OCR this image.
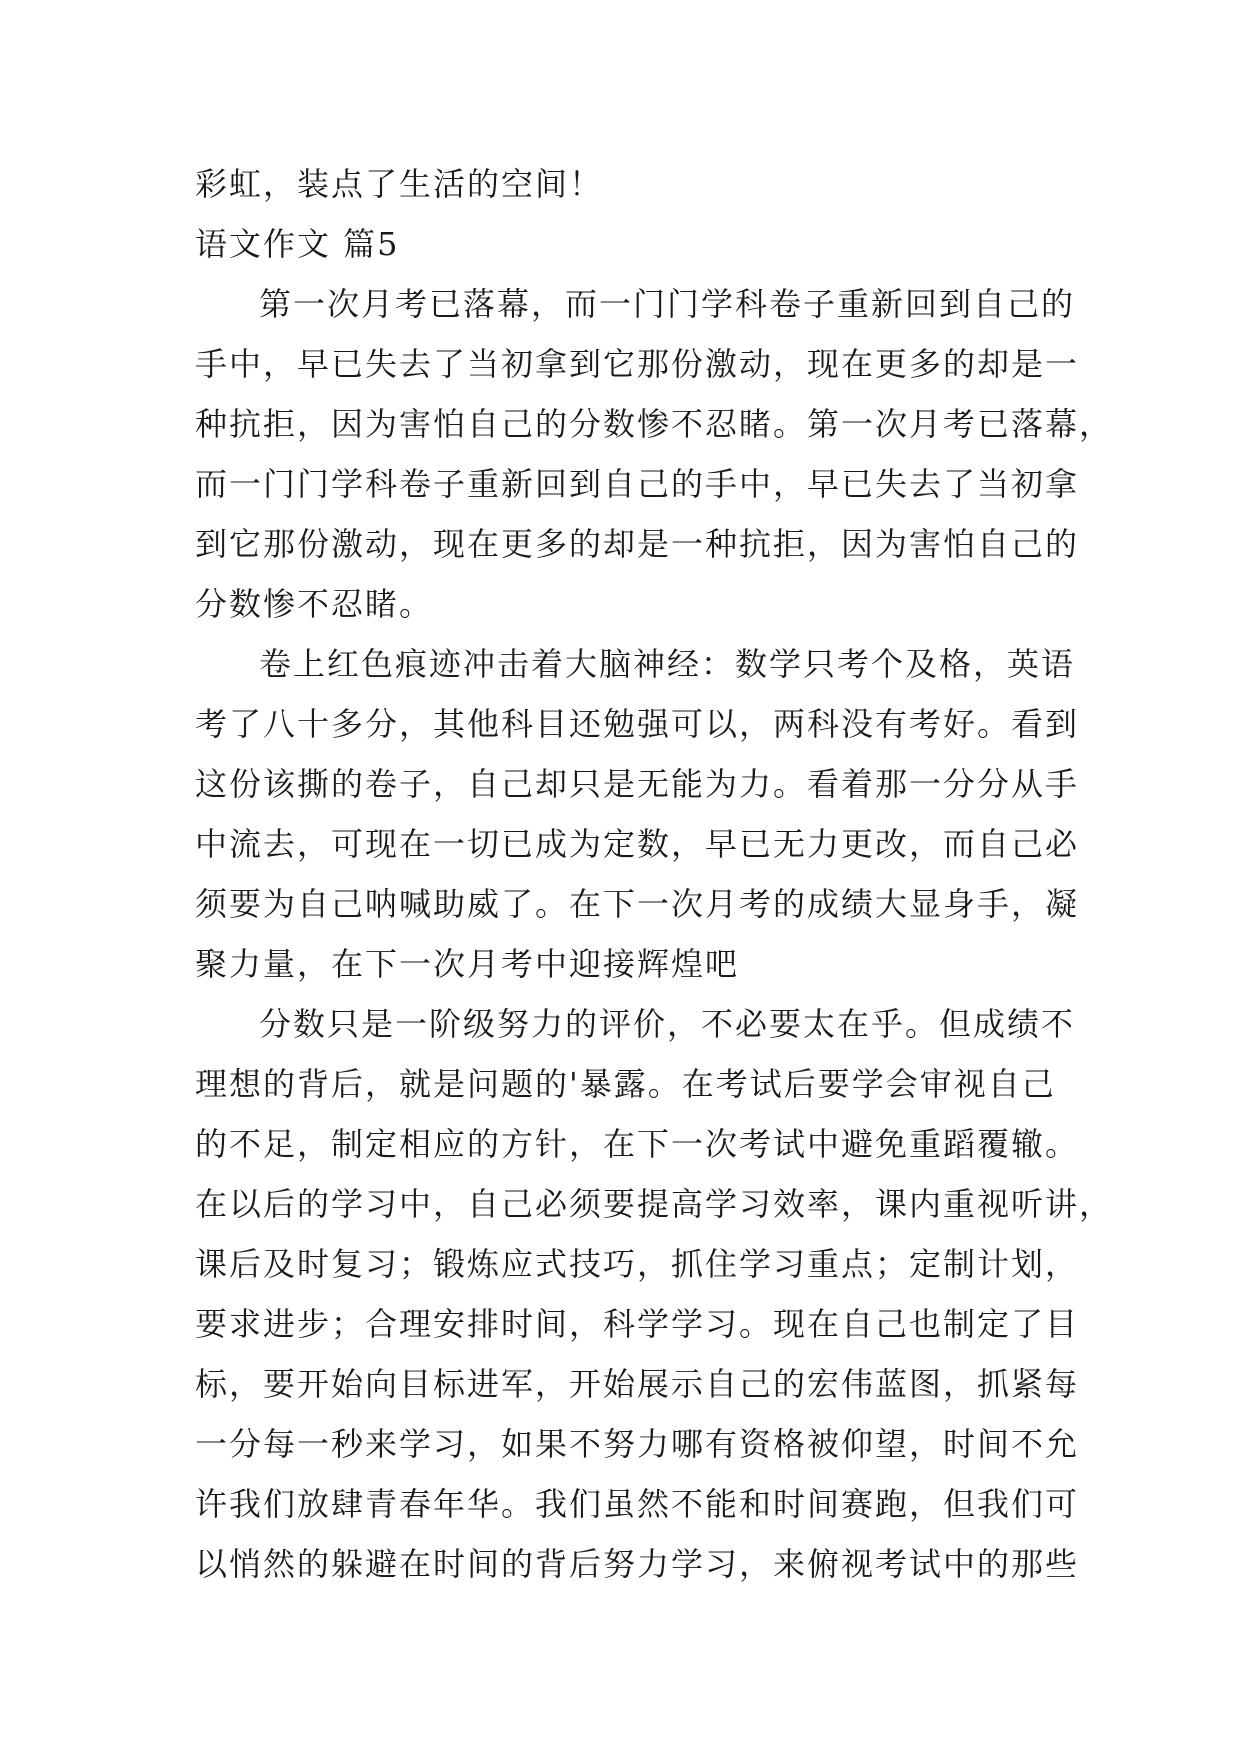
彩虹，装点了生活的空间！

语文作文 篇5

第一次月考已落幕，而一门门学科卷子重新回到自己的

手中，早已失去了当初拿到它那份激动，现在更多的却是一

种抗拒，因为害怕自己的分数惨不忍睹。第一次月考已落幕，

而一门门学科卷子重新回到自己的手中，早已失去了当初拿

到它那份激动，现在更多的却是一种抗拒，因为害怕自己的

分数惨不忍睹。

卷上红色痕迹冲击着大脑神经：数学只考个及格，英语

考了八十多分，其他科目还勉强可以，两科没有考好。看到

这份该撕的卷子，自己却只是无能为力。看着那一分分从手

中流去，可现在一切已成为定数，早已无力更改，而自己必

须要为自己呐喊助威了。在下一次月考的成绩大显身手，凝

聚力量，在下一次月考中迎接辉煌吧

分数只是一阶级努力的评价，不必要太在乎。但成绩不

理想的背后，就是问题的'暴露。在考试后要学会审视自己

的不足，制定相应的方针，在下一次考试中避免重蹈覆辙。

在以后的学习中，自己必须要提高学习效率，课内重视听讲，

课后及时复习；锻炼应式技巧，抓住学习重点；定制计划，

要求进步；合理安排时间，科学学习。现在自己也制定了目

标，要开始向目标进军，开始展示自己的宏伟蓝图，抓紧每

一分每一秒来学习，如果不努力哪有资格被仰望，时间不允

许我们放肆青春年华。我们虽然不能和时间赛跑，但我们可

以悄然的躲避在时间的背后努力学习，来俯视考试中的那些
